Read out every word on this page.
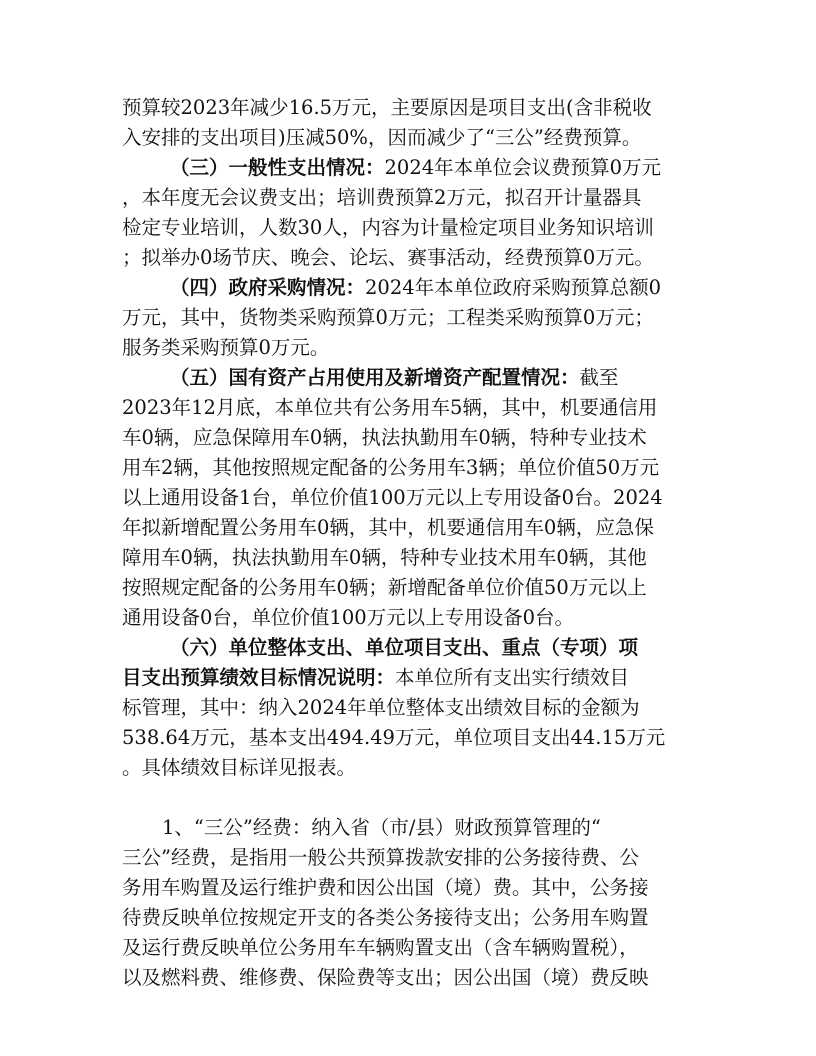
预算较2023年减少16.5万元，主要原因是项目支出(含非税收
入安排的支出项目)压减50%，因而减少了“三公”经费预算。
（三）一般性支出情况：2024年本单位会议费预算0万元
，本年度无会议费支出；培训费预算2万元，拟召开计量器具
检定专业培训，人数30人，内容为计量检定项目业务知识培训
；拟举办0场节庆、晚会、论坛、赛事活动，经费预算0万元。
（四）政府采购情况：2024年本单位政府采购预算总额0
万元，其中，货物类采购预算0万元；工程类采购预算0万元；
服务类采购预算0万元。
（五）国有资产占用使用及新增资产配置情况：截至
2023年12月底，本单位共有公务用车5辆，其中，机要通信用
车0辆，应急保障用车0辆，执法执勤用车0辆，特种专业技术
用车2辆，其他按照规定配备的公务用车3辆；单位价值50万元
以上通用设备1台，单位价值100万元以上专用设备0台。2024
年拟新增配置公务用车0辆，其中，机要通信用车0辆，应急保
障用车0辆，执法执勤用车0辆，特种专业技术用车0辆，其他
按照规定配备的公务用车0辆；新增配备单位价值50万元以上
通用设备0台，单位价值100万元以上专用设备0台。
（六）单位整体支出、单位项目支出、重点（专项）项
目支出预算绩效目标情况说明：本单位所有支出实行绩效目
标管理，其中：纳入2024年单位整体支出绩效目标的金额为
538.64万元，基本支出494.49万元，单位项目支出44.15万元
。具体绩效目标详见报表。
1、“三公”经费：纳入省（市/县）财政预算管理的“
三公”经费，是指用一般公共预算拨款安排的公务接待费、公
务用车购置及运行维护费和因公出国（境）费。其中，公务接
待费反映单位按规定开支的各类公务接待支出；公务用车购置
及运行费反映单位公务用车车辆购置支出（含车辆购置税），
以及燃料费、维修费、保险费等支出；因公出国（境）费反映
